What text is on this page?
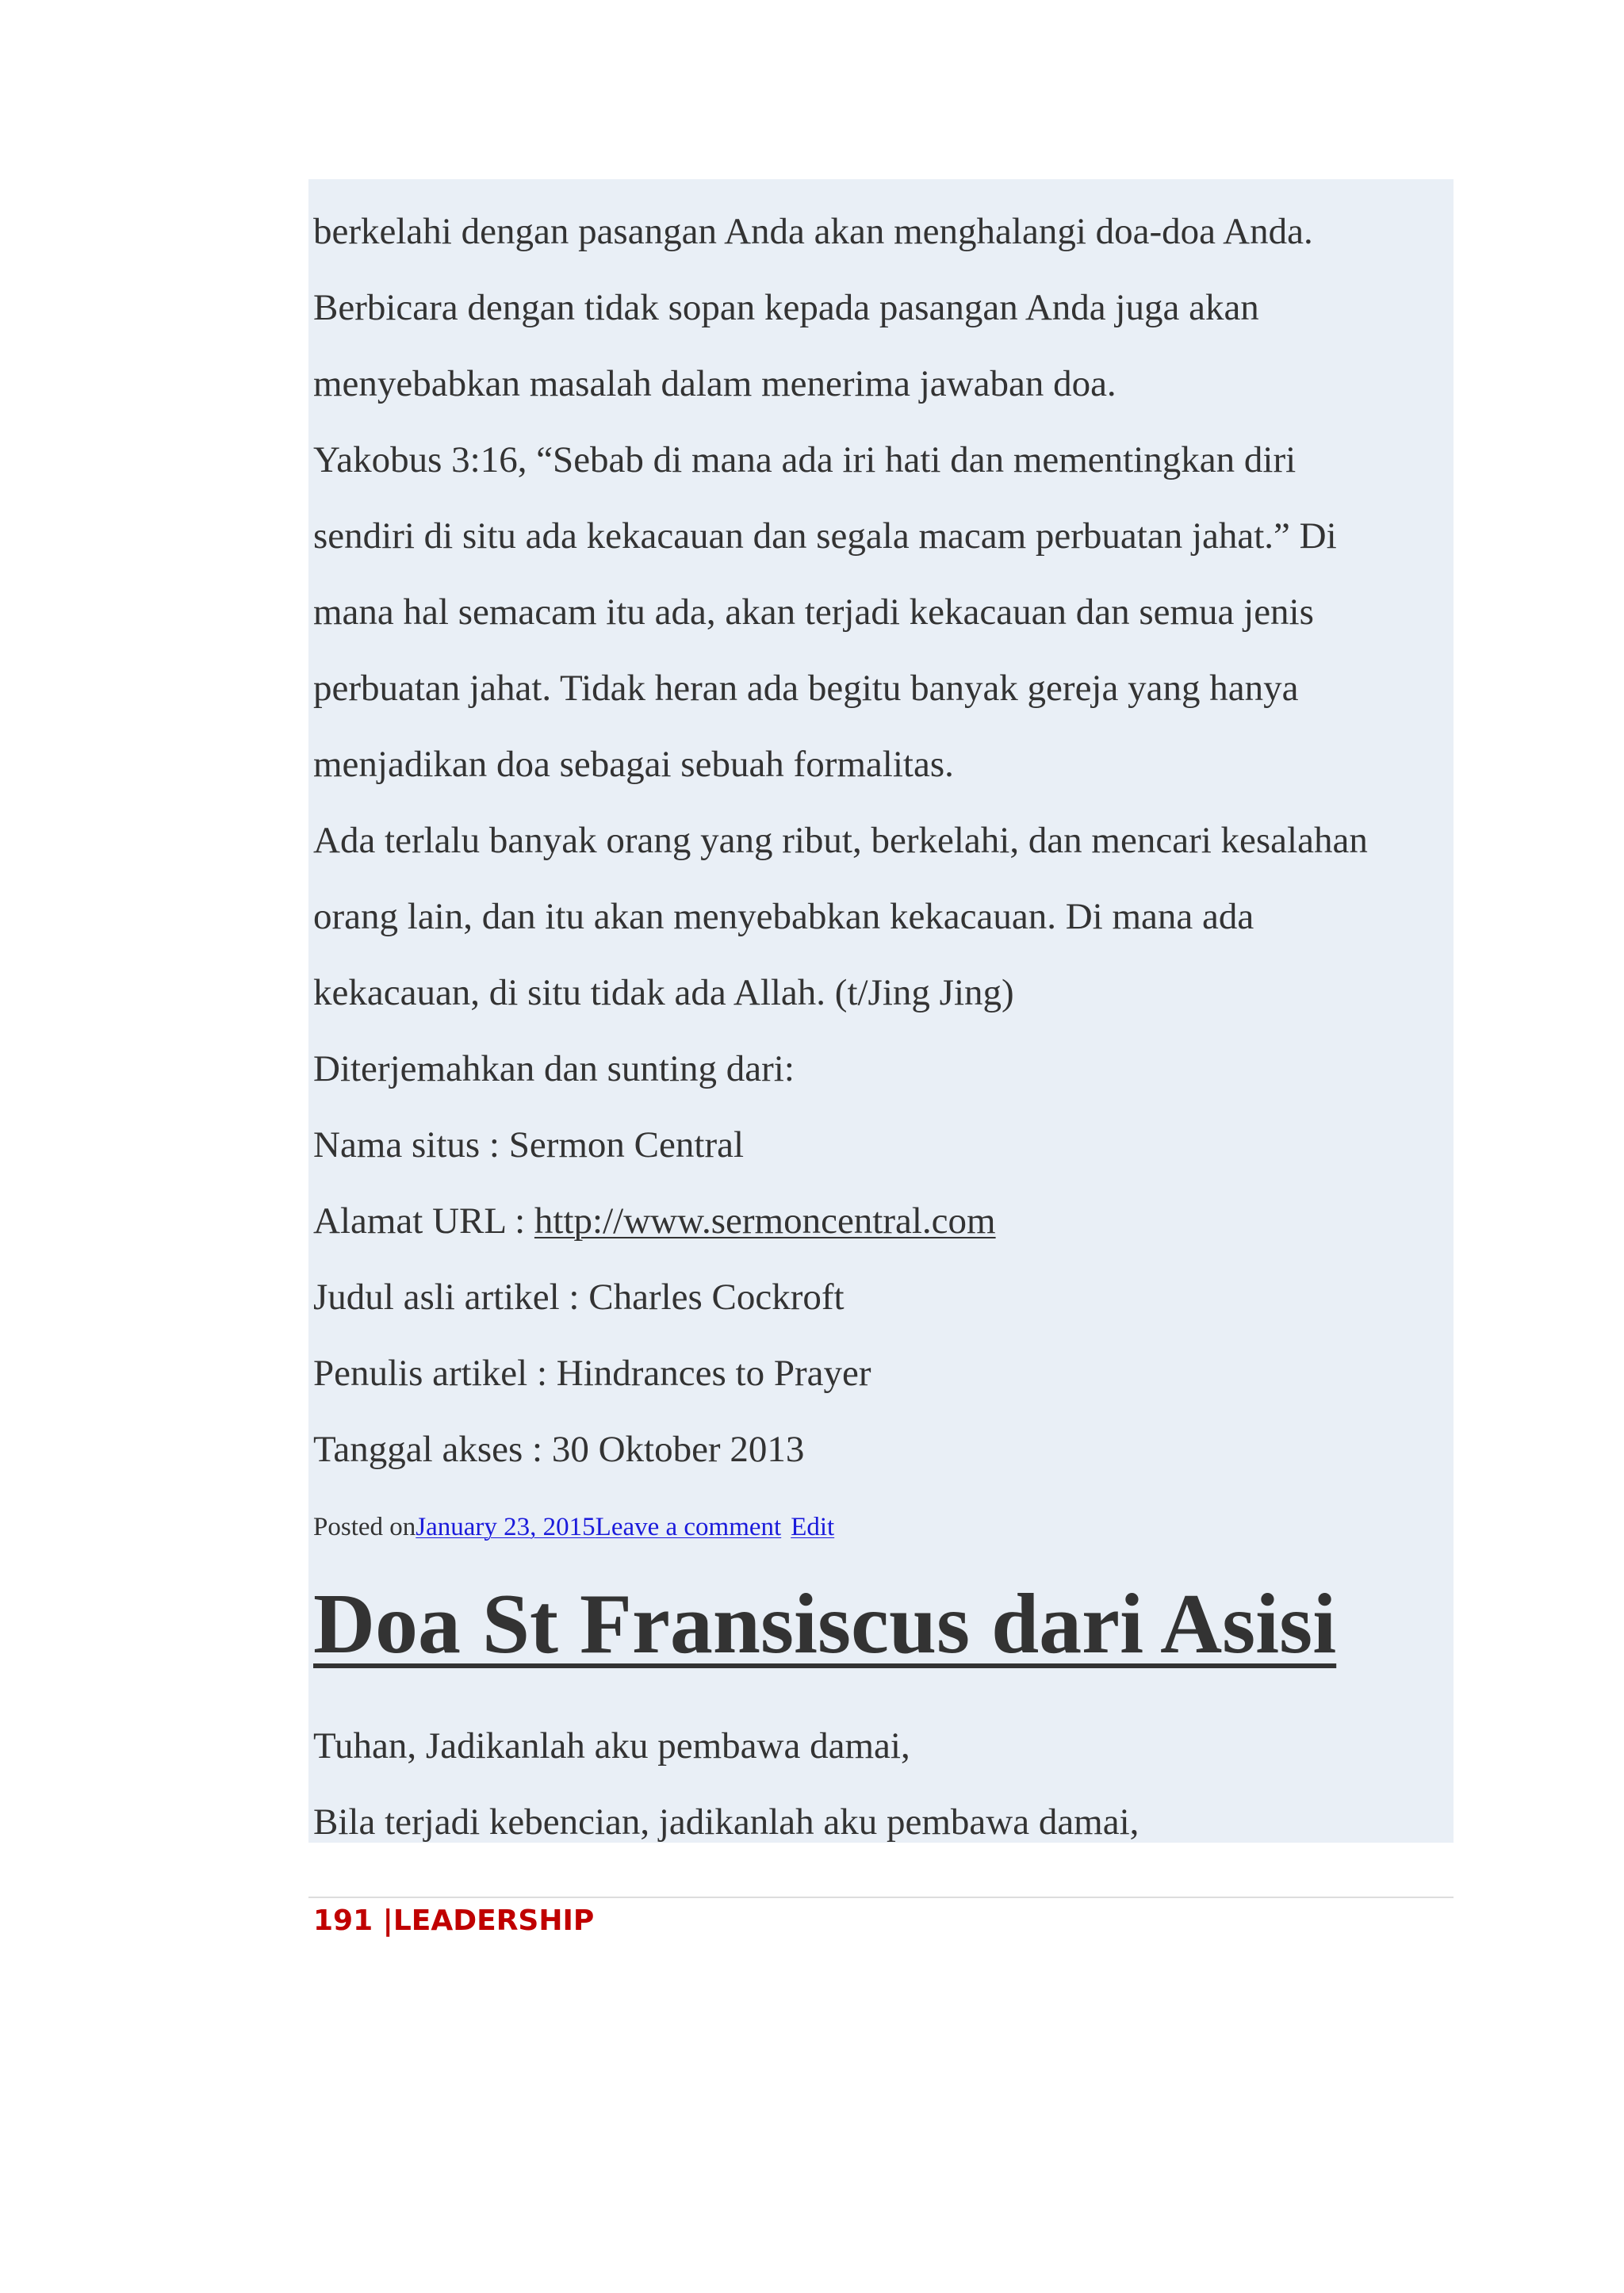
berkelahi dengan pasangan Anda akan menghalangi doa-doa Anda.
Berbicara dengan tidak sopan kepada pasangan Anda juga akan
menyebabkan masalah dalam menerima jawaban doa.
Yakobus 3:16, “Sebab di mana ada iri hati dan mementingkan diri
sendiri di situ ada kekacauan dan segala macam perbuatan jahat.” Di
mana hal semacam itu ada, akan terjadi kekacauan dan semua jenis
perbuatan jahat. Tidak heran ada begitu banyak gereja yang hanya
menjadikan doa sebagai sebuah formalitas.
Ada terlalu banyak orang yang ribut, berkelahi, dan mencari kesalahan
orang lain, dan itu akan menyebabkan kekacauan. Di mana ada
kekacauan, di situ tidak ada Allah. (t/Jing Jing)
Diterjemahkan dan sunting dari:
Nama situs : Sermon Central
Alamat URL : http://www.sermoncentral.com
Judul asli artikel : Charles Cockroft
Penulis artikel : Hindrances to Prayer
Tanggal akses : 30 Oktober 2013
Posted onJanuary 23, 2015Leave a comment Edit
Doa St Fransiscus dari Asisi
Tuhan, Jadikanlah aku pembawa damai,
Bila terjadi kebencian, jadikanlah aku pembawa damai,
191 |LEADERSHIP
